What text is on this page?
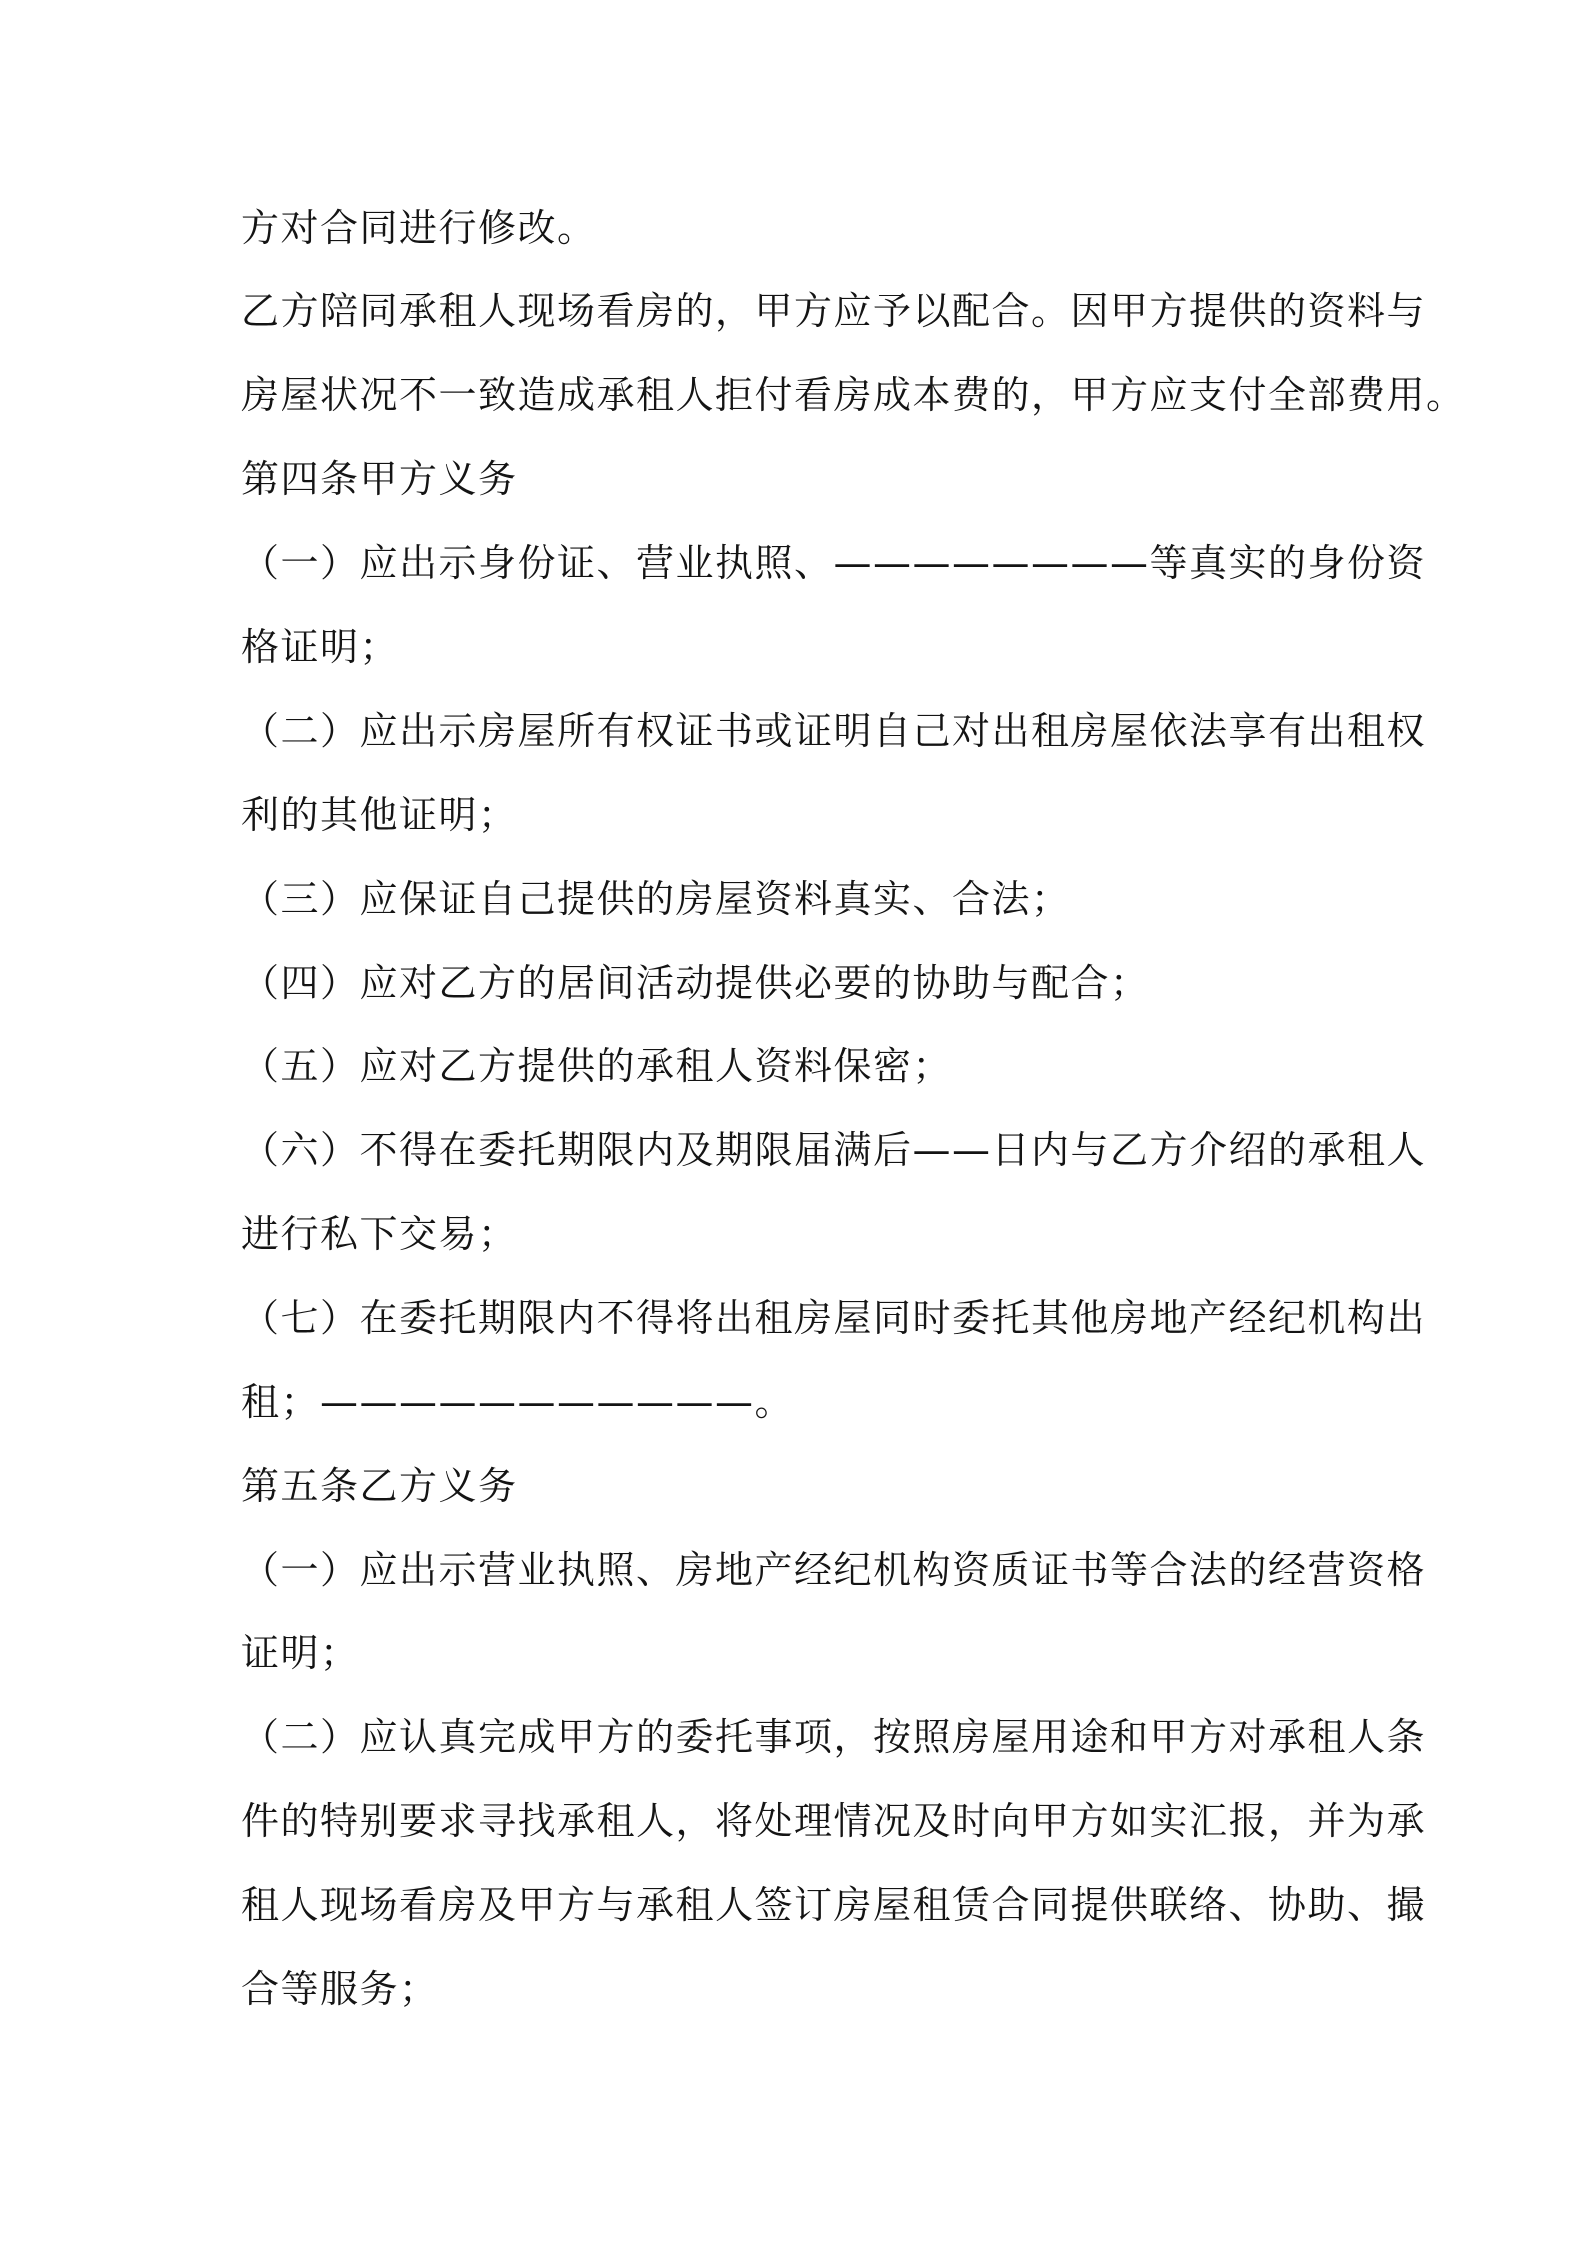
方对合同进行修改。
乙方陪同承租人现场看房的，甲方应予以配合。因甲方提供的资料与
房屋状况不一致造成承租人拒付看房成本费的，甲方应支付全部费用。
第四条甲方义务
（一）应出示身份证、营业执照、————————等真实的身份资
格证明；
（二）应出示房屋所有权证书或证明自己对出租房屋依法享有出租权
利的其他证明；
（三）应保证自己提供的房屋资料真实、合法；
（四）应对乙方的居间活动提供必要的协助与配合；
（五）应对乙方提供的承租人资料保密；
（六）不得在委托期限内及期限届满后——日内与乙方介绍的承租人
进行私下交易；
（七）在委托期限内不得将出租房屋同时委托其他房地产经纪机构出
租；———————————。
第五条乙方义务
（一）应出示营业执照、房地产经纪机构资质证书等合法的经营资格
证明；
（二）应认真完成甲方的委托事项，按照房屋用途和甲方对承租人条
件的特别要求寻找承租人，将处理情况及时向甲方如实汇报，并为承
租人现场看房及甲方与承租人签订房屋租赁合同提供联络、协助、撮
合等服务；
